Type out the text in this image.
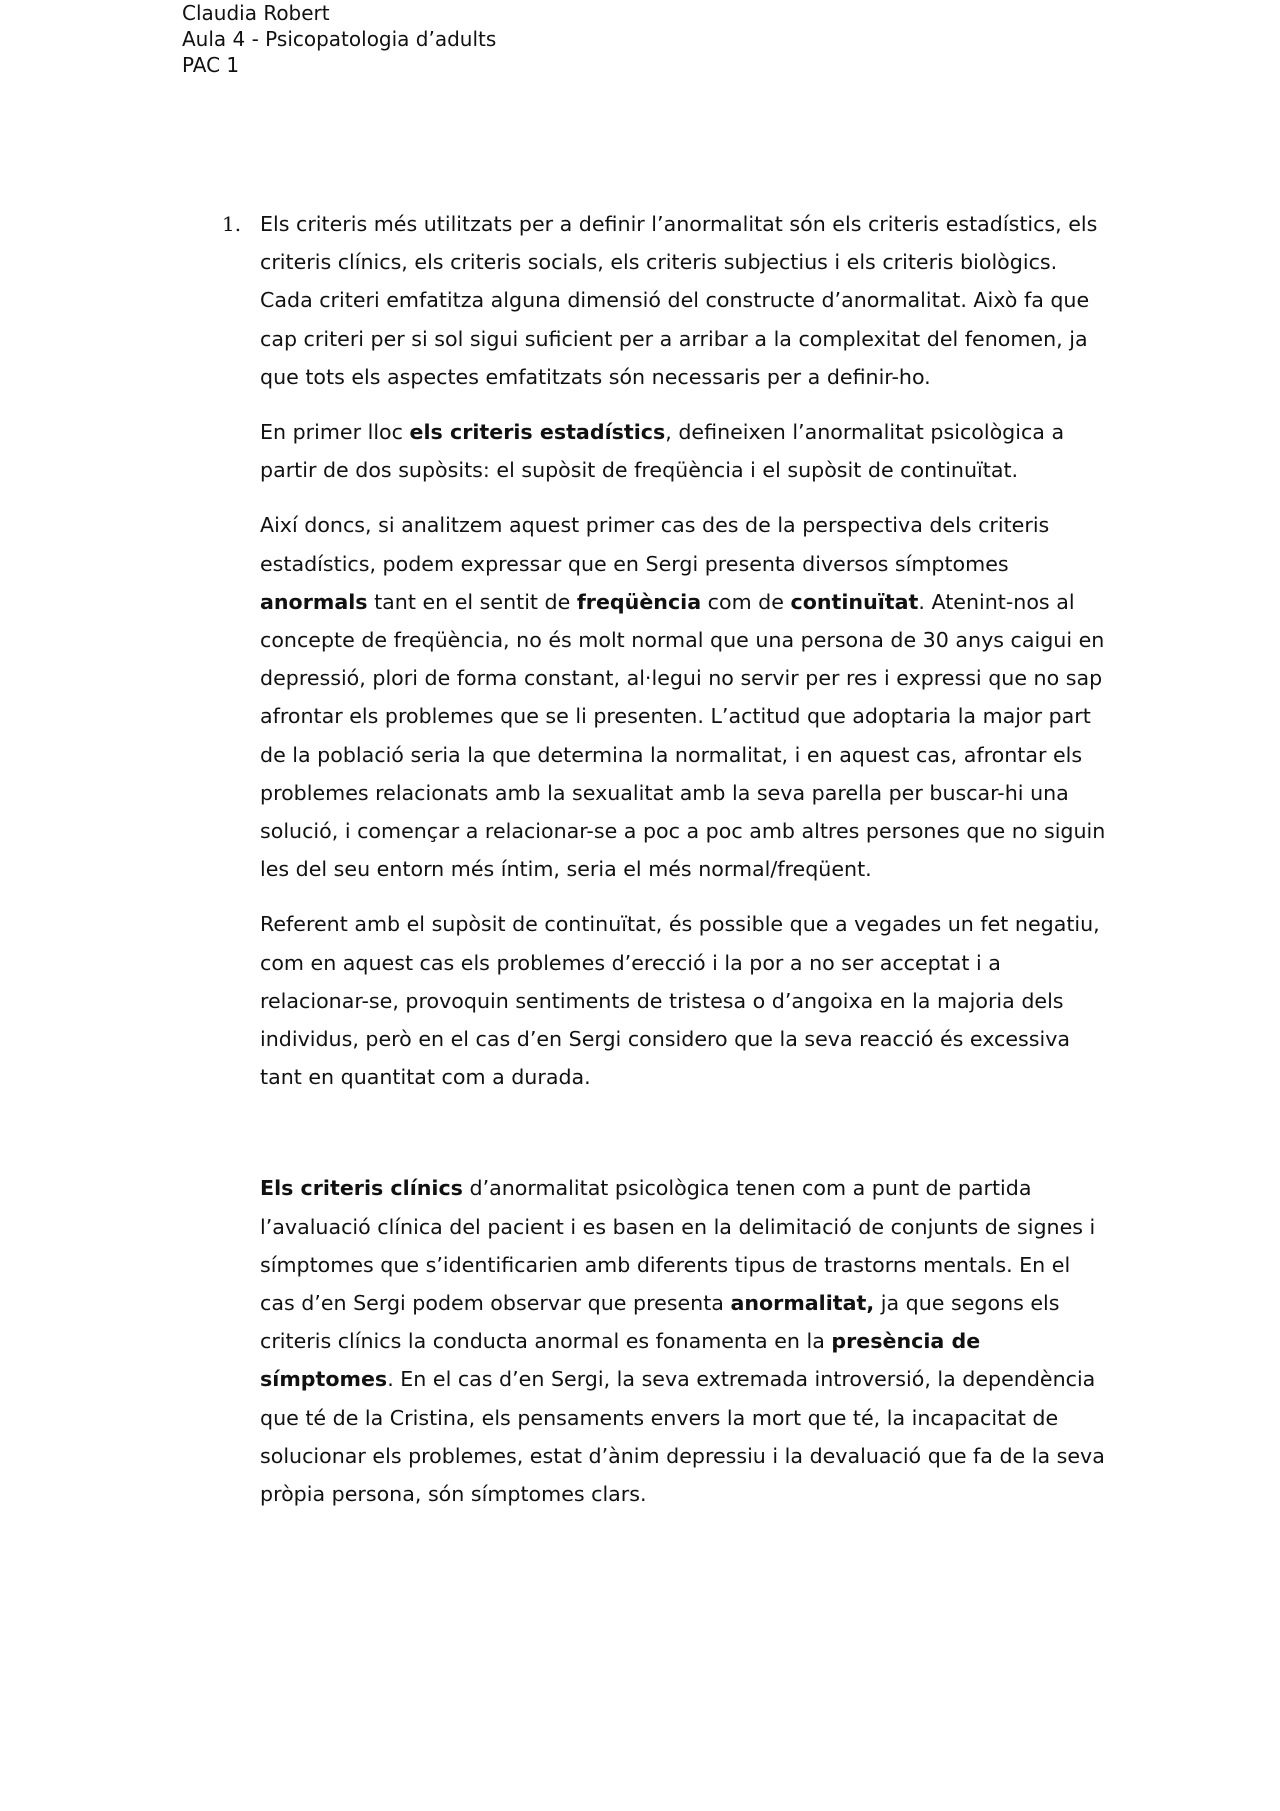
Claudia Robert
Aula 4 - Psicopatologia d’adults
PAC 1

1. Els criteris més utilitzats per a definir l’anormalitat són els criteris estadístics, els criteris clínics, els criteris socials, els criteris subjectius i els criteris biològics. Cada criteri emfatitza alguna dimensió del constructe d’anormalitat. Això fa que cap criteri per si sol sigui suficient per a arribar a la complexitat del fenomen, ja que tots els aspectes emfatitzats són necessaris per a definir-ho.

En primer lloc els criteris estadístics, defineixen l’anormalitat psicològica a partir de dos supòsits: el supòsit de freqüència i el supòsit de continuïtat.

Així doncs, si analitzem aquest primer cas des de la perspectiva dels criteris estadístics, podem expressar que en Sergi presenta diversos símptomes anormals tant en el sentit de freqüència com de continuïtat. Atenint-nos al concepte de freqüència, no és molt normal que una persona de 30 anys caigui en depressió, plori de forma constant, al·legui no servir per res i expressi que no sap afrontar els problemes que se li presenten. L’actitud que adoptaria la major part de la població seria la que determina la normalitat, i en aquest cas, afrontar els problemes relacionats amb la sexualitat amb la seva parella per buscar-hi una solució, i començar a relacionar-se a poc a poc amb altres persones que no siguin les del seu entorn més íntim, seria el més normal/freqüent.

Referent amb el supòsit de continuïtat, és possible que a vegades un fet negatiu, com en aquest cas els problemes d’erecció i la por a no ser acceptat i a relacionar-se, provoquin sentiments de tristesa o d’angoixa en la majoria dels individus, però en el cas d’en Sergi considero que la seva reacció és excessiva tant en quantitat com a durada.

Els criteris clínics d’anormalitat psicològica tenen com a punt de partida l’avaluació clínica del pacient i es basen en la delimitació de conjunts de signes i símptomes que s’identificarien amb diferents tipus de trastorns mentals. En el cas d’en Sergi podem observar que presenta anormalitat, ja que segons els criteris clínics la conducta anormal es fonamenta en la presència de símptomes. En el cas d’en Sergi, la seva extremada introversió, la dependència que té de la Cristina, els pensaments envers la mort que té, la incapacitat de solucionar els problemes, estat d’ànim depressiu i la devaluació que fa de la seva pròpia persona, són símptomes clars.
